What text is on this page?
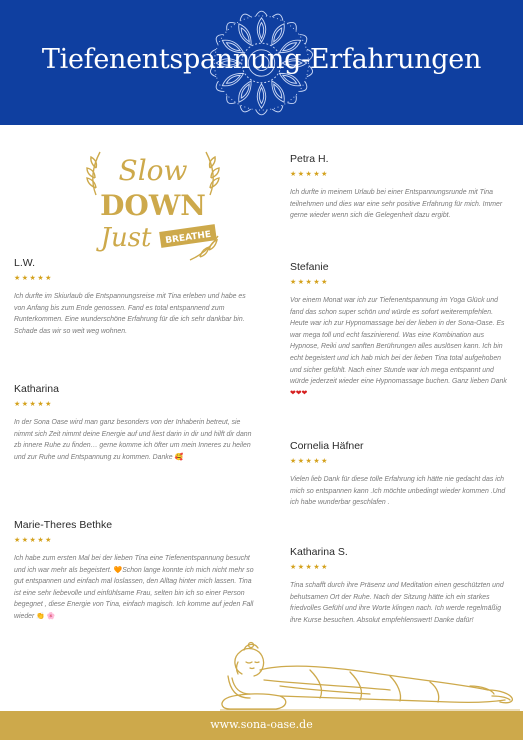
Tiefenentspannung-Erfahrungen
Slow
DOWN
Just BREATHE
L.W.
★★★★★
Ich durfte im Skiurlaub die Entspannungsreise mit Tina erleben und habe es von Anfang bis zum Ende genossen. Fand es total entspannend zum Runterkommen. Eine wunderschöne Erfahrung für die ich sehr dankbar bin. Schade das wir so weit weg wohnen.
Katharina
★★★★★
In der Sona Oase wird man ganz besonders von der Inhaberin betreut, sie nimmt sich Zeit nimmt deine Energie auf und liest darin in dir und hilft dir dann zb innere Ruhe zu finden… gerne komme ich öfter um mein Inneres zu heilen und zur Ruhe und Entspannung zu kommen. Danke 🥰
Marie-Theres Bethke
★★★★★
Ich habe zum ersten Mal bei der lieben Tina eine Tiefenentspannung besucht und ich war mehr als begeistert. 🧡Schon lange konnte ich mich nicht mehr so gut entspannen und einfach mal loslassen, den Alltag hinter mich lassen. Tina ist eine sehr liebevolle und einfühlsame Frau, selten bin ich so einer Person begegnet , diese Energie von Tina, einfach magisch. Ich komme auf jeden Fall wieder 👏 🌸
Petra H.
★★★★★
Ich durfte in meinem Urlaub bei einer Entspannungsrunde mit Tina teilnehmen und dies war eine sehr positive Erfahrung für mich. Immer gerne wieder wenn sich die Gelegenheit dazu ergibt.
Stefanie
★★★★★
Vor einem Monat war ich zur Tiefenentspannung im Yoga Glück und fand das schon super schön und würde es sofort weiterempfehlen. Heute war ich zur Hypnomassage bei der lieben in der Sona-Oase. Es war mega toll und echt faszinierend. Was eine Kombination aus Hypnose, Reiki und sanften Berührungen alles auslösen kann. Ich bin echt begeistert und ich hab mich bei der lieben Tina total aufgehoben und sicher gefühlt. Nach einer Stunde war ich mega entspannt und würde jederzeit wieder eine Hypnomassage buchen. Ganz lieben Dank ❤❤❤
Cornelia Häfner
★★★★★
Vielen lieb Dank für diese tolle Erfahrung ich hätte nie gedacht das ich mich so entspannen kann .Ich möchte unbedingt wieder kommen .Und ich habe wunderbar geschlafen .
Katharina S.
★★★★★
Tina schafft durch ihre Präsenz und Meditation einen geschützten und behutsamen Ort der Ruhe. Nach der Sitzung hätte ich ein starkes friedvolles Gefühl und ihre Worte klingen nach. Ich werde regelmäßig ihre Kurse besuchen. Absolut empfehlenswert! Danke dafür!
www.sona-oase.de
